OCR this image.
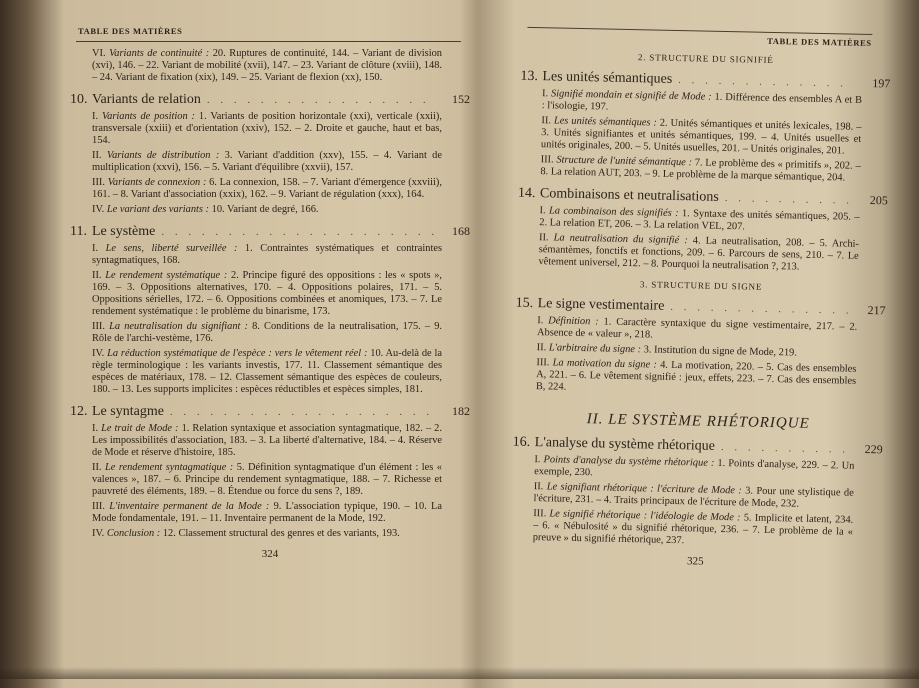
TABLE DES MATIÈRES
VI. Variants de continuité : 20. Ruptures de continuité, 144. – Variant de division (xvi), 146. – 22. Variant de mobilité (xvii), 147. – 23. Variant de clôture (xviii), 148. – 24. Variant de fixation (xix), 149. – 25. Variant de flexion (xx), 150.
10. Variants de relation . . .	152
I. Variants de position : 1. Variants de position horizontale (xxi), verticale (xxii), transversale (xxiii) et d'orientation (xxiv), 152. – 2. Droite et gauche, haut et bas, 154.
II. Variants de distribution : 3. Variant d'addition (xxv), 155. – 4. Variant de multiplication (xxvi), 156. – 5. Variant d'équilibre (xxvii), 157.
III. Variants de connexion : 6. La connexion, 158. – 7. Variant d'émergence (xxviii), 161. – 8. Variant d'association (xxix), 162. – 9. Variant de régulation (xxx), 164.
IV. Le variant des variants : 10. Variant de degré, 166.
11. Le système . . .	168
I. Le sens, liberté surveillée : 1. Contraintes systématiques et contraintes syntagmatiques, 168.
II. Le rendement systématique : 2. Principe figuré des oppositions : les « spots », 169. – 3. Oppositions alternatives, 170. – 4. Oppositions polaires, 171. – 5. Oppositions sérielles, 172. – 6. Oppositions combinées et anomiques, 173. – 7. Le rendement systématique : le problème du binarisme, 173.
III. La neutralisation du signifiant : 8. Conditions de la neutralisation, 175. – 9. Rôle de l'archi-vestème, 176.
IV. La réduction systématique de l'espèce : vers le vêtement réel : 10. Au-delà de la règle terminologique : les variants investis, 177. 11. Classement sémantique des espèces de matériaux, 178. – 12. Classement sémantique des espèces de couleurs, 180. – 13. Les supports implicites : espèces réductibles et espèces simples, 181.
12. Le syntagme . . .	182
I. Le trait de Mode : 1. Relation syntaxique et association syntagmatique, 182. – 2. Les impossibilités d'association, 183. – 3. La liberté d'alternative, 184. – 4. Réserve de Mode et réserve d'histoire, 185.
II. Le rendement syntagmatique : 5. Définition syntagmatique d'un élément : les « valences », 187. – 6. Principe du rendement syntagmatique, 188. – 7. Richesse et pauvreté des éléments, 189. – 8. Étendue ou force du sens ?, 189.
III. L'inventaire permanent de la Mode : 9. L'association typique, 190. – 10. La Mode fondamentale, 191. – 11. Inventaire permanent de la Mode, 192.
IV. Conclusion : 12. Classement structural des genres et des variants, 193.
324
TABLE DES MATIÈRES
2. STRUCTURE DU SIGNIFIÉ
13. Les unités sémantiques . . .	197
I. Signifié mondain et signifié de Mode : 1. Différence des ensembles A et B : l'isologie, 197.
II. Les unités sémantiques : 2. Unités sémantiques et unités lexicales, 198. – 3. Unités signifiantes et unités sémantiques, 199. – 4. Unités usuelles et unités originales, 200. – 5. Unités usuelles, 201. – Unités originales, 201.
III. Structure de l'unité sémantique : 7. Le problème des « primitifs », 202. – 8. La relation AUT, 203. – 9. Le problème de la marque sémantique, 204.
14. Combinaisons et neutralisations . . .	205
I. La combinaison des signifiés : 1. Syntaxe des unités sémantiques, 205. – 2. La relation ET, 206. – 3. La relation VEL, 207.
II. La neutralisation du signifié : 4. La neutralisation, 208. – 5. Archi-sémantèmes, fonctifs et fonctions, 209. – 6. Parcours de sens, 210. – 7. Le vêtement universel, 212. – 8. Pourquoi la neutralisation ?, 213.
3. STRUCTURE DU SIGNE
15. Le signe vestimentaire . . .	217
I. Définition : 1. Caractère syntaxique du signe vestimentaire, 217. – 2. Absence de « valeur », 218.
II. L'arbitraire du signe : 3. Institution du signe de Mode, 219.
III. La motivation du signe : 4. La motivation, 220. – 5. Cas des ensembles A, 221. – 6. Le vêtement signifié : jeux, effets, 223. – 7. Cas des ensembles B, 224.
II. LE SYSTÈME RHÉTORIQUE
16. L'analyse du système rhétorique . . .	229
I. Points d'analyse du système rhétorique : 1. Points d'analyse, 229. – 2. Un exemple, 230.
II. Le signifiant rhétorique : l'écriture de Mode : 3. Pour une stylistique de l'écriture, 231. – 4. Traits principaux de l'écriture de Mode, 232.
III. Le signifié rhétorique : l'idéologie de Mode : 5. Implicite et latent, 234. – 6. « Nébulosité » du signifié rhétorique, 236. – 7. Le problème de la « preuve » du signifié rhétorique, 237.
325
